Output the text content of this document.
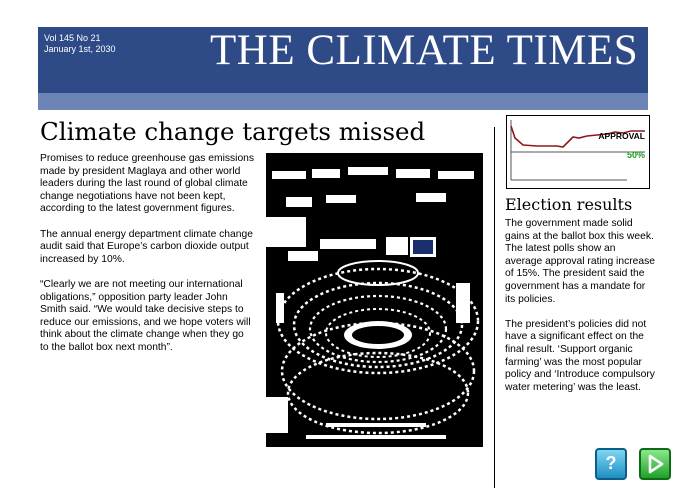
Vol 145 No 21
January 1st, 2030 THE CLIMATE TIMES
Climate change targets missed

Promises to reduce greenhouse gas emissions made by president Maglaya and other world leaders during the last round of global climate change negotiations have not been kept, according to the latest government figures.

The annual energy department climate change audit said that Europe’s carbon dioxide output increased by 10%.

“Clearly we are not meeting our international obligations,” opposition party leader John Smith said. “We would take decisive steps to reduce our emissions, and we hope voters will think about the climate change when they go to the ballot box next month”.

APPROVAL
50%
Election results

The government made solid gains at the ballot box this week. The latest polls show an average approval rating increase of 15%. The president said the government has a mandate for its policies.

The president’s policies did not have a significant effect on the final result. ‘Support organic farming’ was the most popular policy and ‘Introduce compulsory water metering’ was the least.

?
